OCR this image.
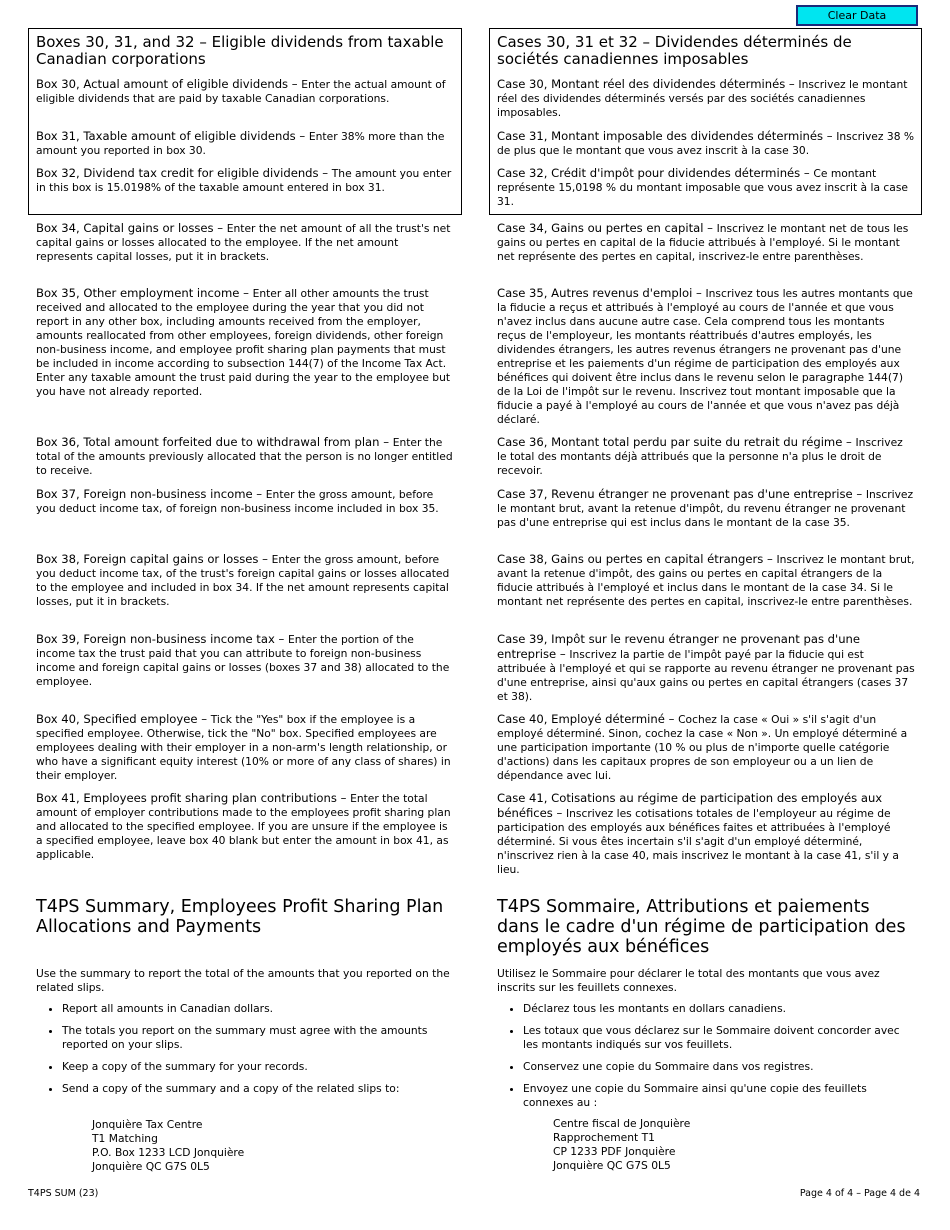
Clear Data
Boxes 30, 31, and 32 – Eligible dividends from taxable Canadian corporations
Box 30, Actual amount of eligible dividends – Enter the actual amount of eligible dividends that are paid by taxable Canadian corporations.
Box 31, Taxable amount of eligible dividends – Enter 38% more than the amount you reported in box 30.
Box 32, Dividend tax credit for eligible dividends – The amount you enter in this box is 15.0198% of the taxable amount entered in box 31.
Cases 30, 31 et 32 – Dividendes déterminés de sociétés canadiennes imposables
Case 30, Montant réel des dividendes déterminés – Inscrivez le montant réel des dividendes déterminés versés par des sociétés canadiennes imposables.
Case 31, Montant imposable des dividendes déterminés – Inscrivez 38 % de plus que le montant que vous avez inscrit à la case 30.
Case 32, Crédit d'impôt pour dividendes déterminés – Ce montant représente 15,0198 % du montant imposable que vous avez inscrit à la case 31.
Box 34, Capital gains or losses – Enter the net amount of all the trust's net capital gains or losses allocated to the employee. If the net amount represents capital losses, put it in brackets.
Box 35, Other employment income – Enter all other amounts the trust received and allocated to the employee during the year that you did not report in any other box, including amounts received from the employer, amounts reallocated from other employees, foreign dividends, other foreign non-business income, and employee profit sharing plan payments that must be included in income according to subsection 144(7) of the Income Tax Act. Enter any taxable amount the trust paid during the year to the employee but you have not already reported.
Box 36, Total amount forfeited due to withdrawal from plan – Enter the total of the amounts previously allocated that the person is no longer entitled to receive.
Box 37, Foreign non-business income – Enter the gross amount, before you deduct income tax, of foreign non-business income included in box 35.
Box 38, Foreign capital gains or losses – Enter the gross amount, before you deduct income tax, of the trust's foreign capital gains or losses allocated to the employee and included in box 34. If the net amount represents capital losses, put it in brackets.
Box 39, Foreign non-business income tax – Enter the portion of the income tax the trust paid that you can attribute to foreign non-business income and foreign capital gains or losses (boxes 37 and 38) allocated to the employee.
Box 40, Specified employee – Tick the "Yes" box if the employee is a specified employee. Otherwise, tick the "No" box. Specified employees are employees dealing with their employer in a non-arm's length relationship, or who have a significant equity interest (10% or more of any class of shares) in their employer.
Box 41, Employees profit sharing plan contributions – Enter the total amount of employer contributions made to the employees profit sharing plan and allocated to the specified employee. If you are unsure if the employee is a specified employee, leave box 40 blank but enter the amount in box 41, as applicable.
Case 34, Gains ou pertes en capital – Inscrivez le montant net de tous les gains ou pertes en capital de la fiducie attribués à l'employé. Si le montant net représente des pertes en capital, inscrivez-le entre parenthèses.
Case 35, Autres revenus d'emploi – Inscrivez tous les autres montants que la fiducie a reçus et attribués à l'employé au cours de l'année et que vous n'avez inclus dans aucune autre case. Cela comprend tous les montants reçus de l'employeur, les montants réattribués d'autres employés, les dividendes étrangers, les autres revenus étrangers ne provenant pas d'une entreprise et les paiements d'un régime de participation des employés aux bénéfices qui doivent être inclus dans le revenu selon le paragraphe 144(7) de la Loi de l'impôt sur le revenu. Inscrivez tout montant imposable que la fiducie a payé à l'employé au cours de l'année et que vous n'avez pas déjà déclaré.
Case 36, Montant total perdu par suite du retrait du régime – Inscrivez le total des montants déjà attribués que la personne n'a plus le droit de recevoir.
Case 37, Revenu étranger ne provenant pas d'une entreprise – Inscrivez le montant brut, avant la retenue d'impôt, du revenu étranger ne provenant pas d'une entreprise qui est inclus dans le montant de la case 35.
Case 38, Gains ou pertes en capital étrangers – Inscrivez le montant brut, avant la retenue d'impôt, des gains ou pertes en capital étrangers de la fiducie attribués à l'employé et inclus dans le montant de la case 34. Si le montant net représente des pertes en capital, inscrivez-le entre parenthèses.
Case 39, Impôt sur le revenu étranger ne provenant pas d'une entreprise – Inscrivez la partie de l'impôt payé par la fiducie qui est attribuée à l'employé et qui se rapporte au revenu étranger ne provenant pas d'une entreprise, ainsi qu'aux gains ou pertes en capital étrangers (cases 37 et 38).
Case 40, Employé déterminé – Cochez la case « Oui » s'il s'agit d'un employé déterminé. Sinon, cochez la case « Non ». Un employé déterminé a une participation importante (10 % ou plus de n'importe quelle catégorie d'actions) dans les capitaux propres de son employeur ou a un lien de dépendance avec lui.
Case 41, Cotisations au régime de participation des employés aux bénéfices – Inscrivez les cotisations totales de l'employeur au régime de participation des employés aux bénéfices faites et attribuées à l'employé déterminé. Si vous êtes incertain s'il s'agit d'un employé déterminé, n'inscrivez rien à la case 40, mais inscrivez le montant à la case 41, s'il y a lieu.
T4PS Summary, Employees Profit Sharing Plan Allocations and Payments
Use the summary to report the total of the amounts that you reported on the related slips.
• Report all amounts in Canadian dollars.
• The totals you report on the summary must agree with the amounts reported on your slips.
• Keep a copy of the summary for your records.
• Send a copy of the summary and a copy of the related slips to:
Jonquière Tax Centre
T1 Matching
P.O. Box 1233 LCD Jonquière
Jonquière QC G7S 0L5
T4PS Sommaire, Attributions et paiements dans le cadre d'un régime de participation des employés aux bénéfices
Utilisez le Sommaire pour déclarer le total des montants que vous avez inscrits sur les feuillets connexes.
• Déclarez tous les montants en dollars canadiens.
• Les totaux que vous déclarez sur le Sommaire doivent concorder avec les montants indiqués sur vos feuillets.
• Conservez une copie du Sommaire dans vos registres.
• Envoyez une copie du Sommaire ainsi qu'une copie des feuillets connexes au :
Centre fiscal de Jonquière
Rapprochement T1
CP 1233 PDF Jonquière
Jonquière QC G7S 0L5
T4PS SUM (23)	Page 4 of 4 – Page 4 de 4
